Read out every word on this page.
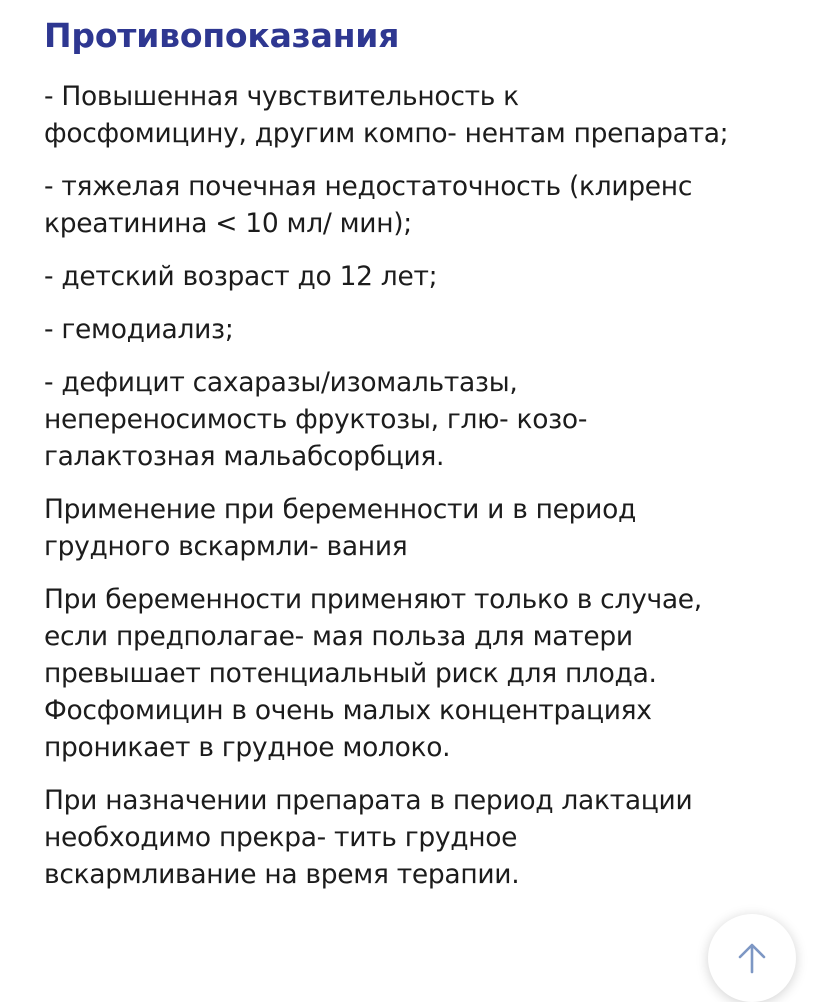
Противопоказания

- Повышенная чувствительность к
фосфомицину, другим компо- нентам препарата;

- тяжелая почечная недостаточность (клиренс
креатинина < 10 мл/ мин);

- детский возраст до 12 лет;

- гемодиализ;

- дефицит сахаразы/изомальтазы,
непереносимость фруктозы, глю- козо-
галактозная мальабсорбция.

Применение при беременности и в период
грудного вскармли- вания

При беременности применяют только в случае,
если предполагае- мая польза для матери
превышает потенциальный риск для плода.
Фосфомицин в очень малых концентрациях
проникает в грудное молоко.

При назначении препарата в период лактации
необходимо прекра- тить грудное
вскармливание на время терапии.
